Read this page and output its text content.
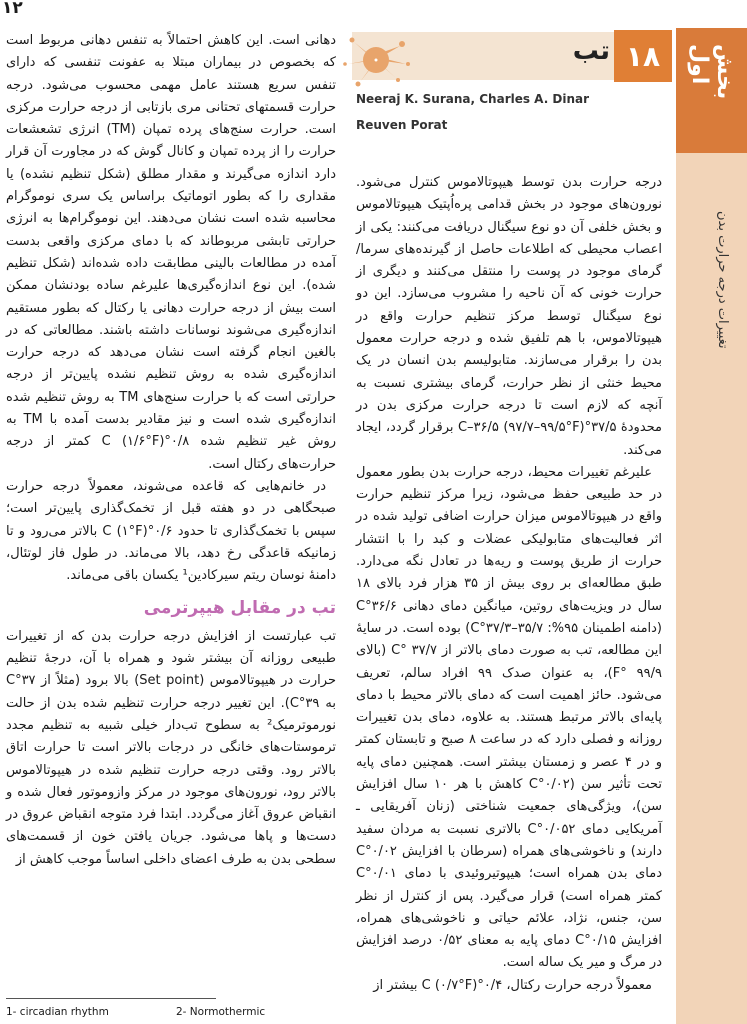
۱۲
بخش اول
تغییرات درجه حرارت بدن
تب ۱۸
Neeraj K. Surana, Charles A. Dinar
Reuven Porat

درجه حرارت بدن توسط هیپوتالاموس کنترل می‌شود. نورون‌های موجود در بخش قدامی پره‌اُپتیک هیپوتالاموس و بخش خلفی آن دو نوع سیگنال دریافت می‌کنند: یکی از اعصاب محیطی که اطلاعات حاصل از گیرنده‌های سرما/گرمای موجود در پوست را منتقل می‌کنند و دیگری از حرارت خونی که آن ناحیه را مشروب می‌سازد. این دو نوع سیگنال توسط مرکز تنظیم حرارت واقع در هیپوتالاموس، با هم تلفیق شده و درجه حرارت معمول بدن را برقرار می‌سازند. متابولیسم بدن انسان در یک محیط خنثی از نظر حرارت، گرمای بیشتری نسبت به آنچه که لازم است تا درجه حرارت مرکزی بدن در محدودهٔ ۳۷/۵°C–۳۶/۵ (۹۷/۷–۹۹/۵°F) برقرار گردد، ایجاد می‌کند.

علیرغم تغییرات محیط، درجه حرارت بدن بطور معمول در حد طبیعی حفظ می‌شود، زیرا مرکز تنظیم حرارت واقع در هیپوتالاموس میزان حرارت اضافی تولید شده در اثر فعالیت‌های متابولیکی عضلات و کبد را با انتشار حرارت از طریق پوست و ریه‌ها در تعادل نگه می‌دارد. طبق مطالعه‌ای بر روی بیش از ۳۵ هزار فرد بالای ۱۸ سال در ویزیت‌های روتین، میانگین دمای دهانی ۳۶/۶°C (دامنه اطمینان ۹۵%: ۳۵/۷–۳۷/۳°C) بوده است. در سایهٔ این مطالعه، تب به صورت دمای بالاتر از ۳۷/۷ °C (بالای ۹۹/۹ °F)، به عنوان صدک ۹۹ افراد سالم، تعریف می‌شود. حائز اهمیت است که دمای بالاتر محیط با دمای پایه‌ای بالاتر مرتبط هستند. به علاوه، دمای بدن تغییرات روزانه و فصلی دارد که در ساعت ۸ صبح و تابستان کمتر و در ۴ عصر و زمستان بیشتر است. همچنین دمای پایه تحت تأثیر سن (۰/۰۲°C کاهش با هر ۱۰ سال افزایش سن)، ویژگی‌های جمعیت شناختی (زنان آفریقایی ـ آمریکایی دمای ۰/۰۵۲°C بالاتری نسبت به مردان سفید دارند) و ناخوشی‌های همراه (سرطان با افزایش ۰/۰۲°C دمای بدن همراه است؛ هیپوتیروئیدی با دمای ۰/۰۱°C کمتر همراه است) قرار می‌گیرد. پس از کنترل از نظر سن، جنس، نژاد، علائم حیاتی و ناخوشی‌های همراه، افزایش ۰/۱۵°C دمای پایه به معنای ۰/۵۲ درصد افزایش در مرگ و میر یک ساله است.

معمولاً درجه حرارت رکتال، ۰/۴°C (۰/۷°F) بیشتر از

دهانی است. این کاهش احتمالاً به تنفس دهانی مربوط است که بخصوص در بیماران مبتلا به عفونت تنفسی که دارای تنفس سریع هستند عامل مهمی محسوب می‌شود. درجه حرارت قسمتهای تحتانی مری بازتابی از درجه حرارت مرکزی است. حرارت سنج‌های پرده تمپان (TM) انرژی تشعشعات حرارت را از پرده تمپان و کانال گوش که در مجاورت آن قرار دارد اندازه می‌گیرند و مقدار مطلق (شکل تنظیم نشده) یا مقداری را که بطور اتوماتیک براساس یک سری نوموگرام محاسبه شده است نشان می‌دهند. این نوموگرام‌ها به انرژی حرارتی تابشی مربوطاند که با دمای مرکزی واقعی بدست آمده در مطالعات بالینی مطابقت داده شده‌اند (شکل تنظیم شده). این نوع اندازه‌گیری‌ها علیرغم ساده بودنشان ممکن است بیش از درجه حرارت دهانی یا رکتال که بطور مستقیم اندازه‌گیری می‌شوند نوسانات داشته باشند. مطالعاتی که در بالغین انجام گرفته است نشان می‌دهد که درجه حرارت اندازه‌گیری شده به روش تنظیم نشده پایین‌تر از درجه حرارتی است که با حرارت سنج‌های TM به روش تنظیم شده اندازه‌گیری شده است و نیز مقادیر بدست آمده با TM به روش غیر تنظیم شده ۰/۸°C (۱/۶°F) کمتر از درجه حرارت‌های رکتال است.

در خانم‌هایی که قاعده می‌شوند، معمولاً درجه حرارت صبحگاهی در دو هفته قبل از تخمک‌گذاری پایین‌تر است؛ سپس با تخمک‌گذاری تا حدود ۰/۶°C (۱°F) بالاتر می‌رود و تا زمانیکه قاعدگی رخ دهد، بالا می‌ماند. در طول فاز لوتئال، دامنهٔ نوسان ریتم سیرکادین¹ یکسان باقی می‌ماند.

تب در مقابل هیپرترمی

تب عبارتست از افزایش درجه حرارت بدن که از تغییرات طبیعی روزانه آن بیشتر شود و همراه با آن، درجهٔ تنظیم حرارت در هیپوتالاموس (Set point) بالا برود (مثلاً از ۳۷°C به ۳۹°C). این تغییر درجه حرارت تنظیم شده بدن از حالت نورموترمیک² به سطوح تب‌دار خیلی شبیه به تنظیم مجدد ترموستات‌های خانگی در درجات بالاتر است تا حرارت اتاق بالاتر رود. وقتی درجه حرارت تنظیم شده در هیپوتالاموس بالاتر رود، نورون‌های موجود در مرکز وازوموتور فعال شده و انقباض عروق آغاز می‌گردد. ابتدا فرد متوجه انقباض عروق در دست‌ها و پاها می‌شود. جریان یافتن خون از قسمت‌های سطحی بدن به طرف اعضای داخلی اساساً موجب کاهش از

1- circadian rhythm	2- Normothermic
